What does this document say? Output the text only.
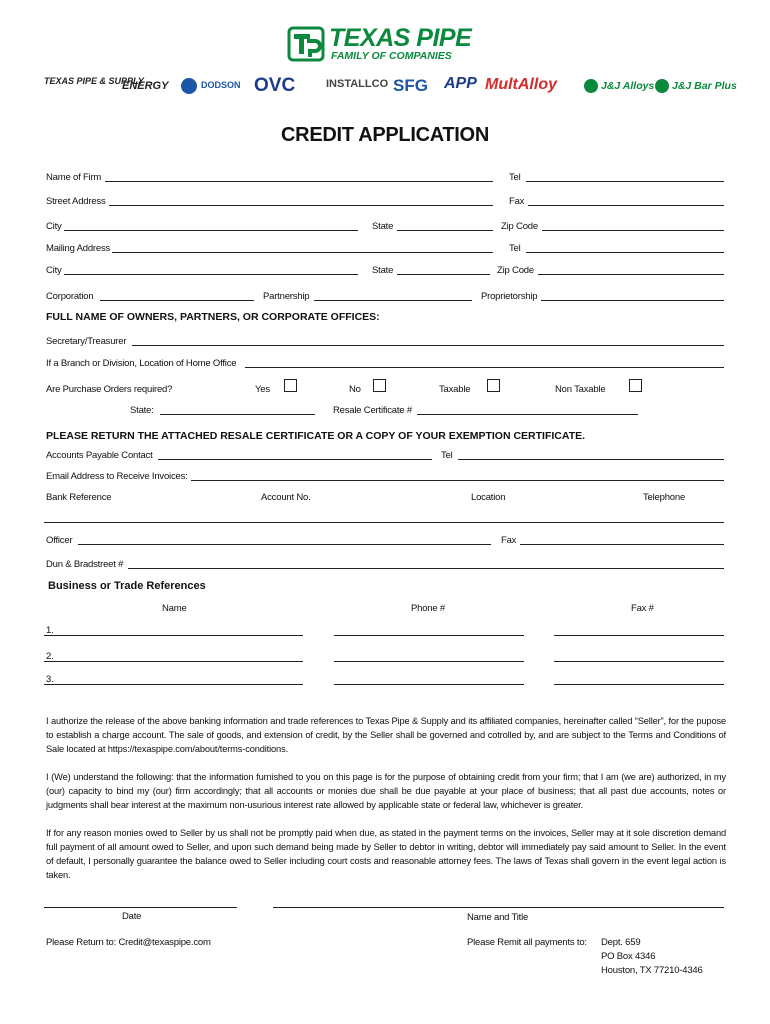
TEXAS PIPE
FAMILY OF COMPANIES
TEXAS PIPE & SUPPLY
ENERGY	DODSON OVC	INSTALLCO SFG APP MultAlloy	J&J Alloys J&J Bar Plus
CREDIT APPLICATION
Name of Firm	Tel
Street Address	Fax
City	State	Zip Code
Mailing Address	Tel
City	State	Zip Code
Corporation	Partnership	Proprietorship
FULL NAME OF OWNERS, PARTNERS, OR CORPORATE OFFICES:
Secretary/Treasurer
If a Branch or Division, Location of Home Office
Are Purchase Orders required?	Yes	No	Taxable	Non Taxable
State:	Resale Certificate #
PLEASE RETURN THE ATTACHED RESALE CERTIFICATE OR A COPY OF YOUR EXEMPTION CERTIFICATE.
Accounts Payable Contact	Tel
Email Address to Receive Invoices:
Bank Reference	Account No.	Location	Telephone
Officer	Fax
Dun & Bradstreet #
Business or Trade References
Name	Phone #	Fax #
1.
2.
3.
I authorize the release of the above banking information and trade references to Texas Pipe & Supply and its affiliated companies, hereinafter called “Seller”, for the pupose to establish a charge account. The sale of goods, and extension of credit, by the Seller shall be governed and cotrolled by, and are subject to the Terms and Conditions of Sale located at https://texaspipe.com/about/terms-conditions.
I (We) understand the following: that the information furnished to you on this page is for the purpose of obtaining credit from your firm; that I am (we are) authorized, in my (our) capacity to bind my (our) firm accordingly; that all accounts or monies due shall be due payable at your place of business; that all past due accounts, notes or judgments shall bear interest at the maximum non-usurious interest rate allowed by applicable state or federal law, whichever is greater.
If for any reason monies owed to Seller by us shall not be promptly paid when due, as stated in the payment terms on the invoices, Seller may at it sole discretion demand full payment of all amount owed to Seller, and upon such demand being made by Seller to debtor in writing, debtor will immediately pay said amount to Seller. In the event of default, I personally guarantee the balance owed to Seller including court costs and reasonable attorney fees. The laws of Texas shall govern in the event legal action is taken.
Date	Name and Title
Please Return to: Credit@texaspipe.com	Please Remit all payments to: Dept. 659
PO Box 4346
Houston, TX 77210-4346
